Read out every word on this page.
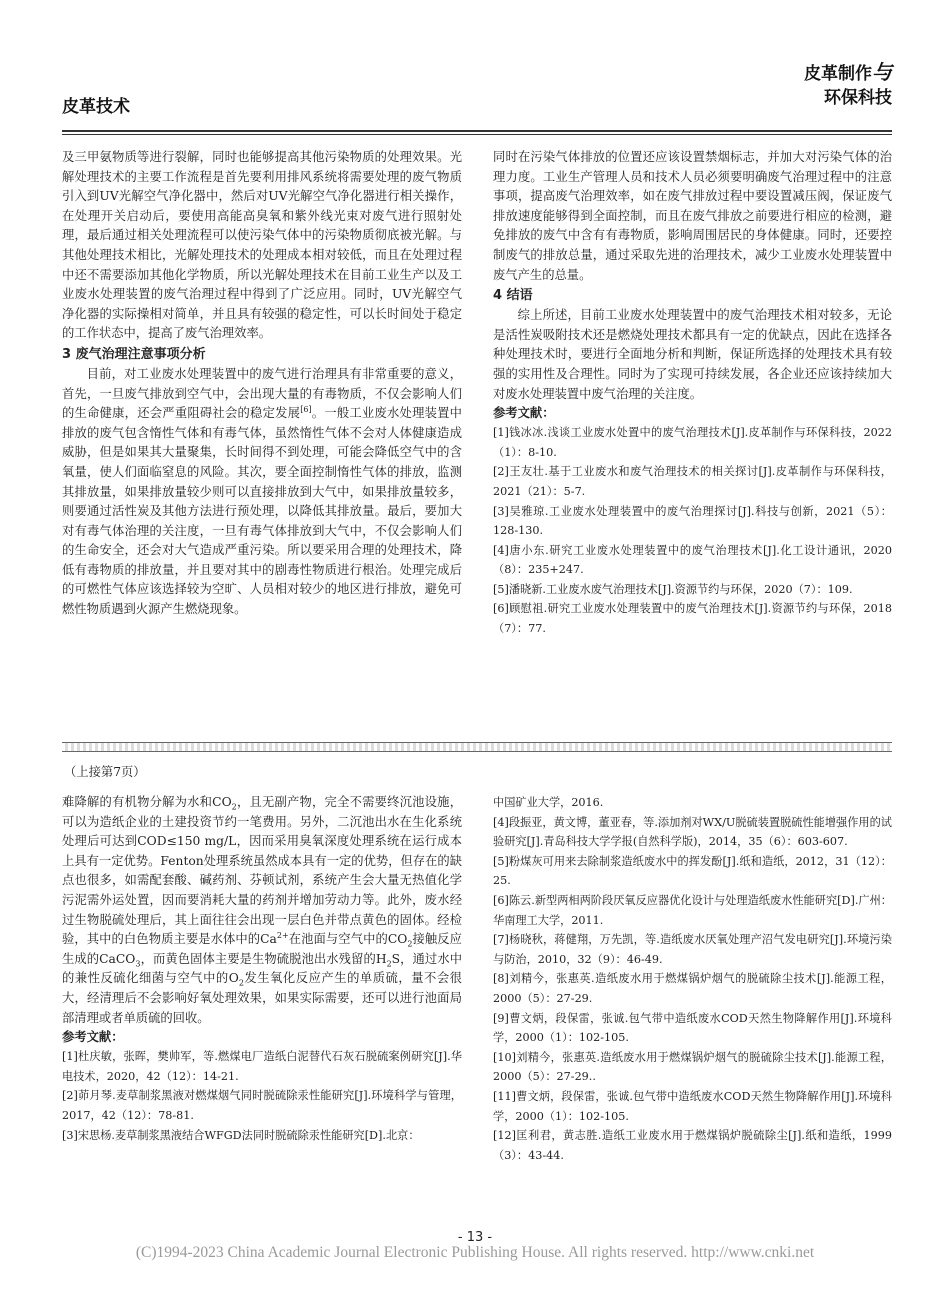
皮革技术
皮革制作与
环保科技

及三甲氨物质等进行裂解，同时也能够提高其他污染物质的处理效果。光解处理技术的主要工作流程是首先要利用排风系统将需要处理的废气物质引入到UV光解空气净化器中，然后对UV光解空气净化器进行相关操作，在处理开关启动后，要使用高能高臭氧和紫外线光束对废气进行照射处理，最后通过相关处理流程可以使污染气体中的污染物质彻底被光解。与其他处理技术相比，光解处理技术的处理成本相对较低，而且在处理过程中还不需要添加其他化学物质，所以光解处理技术在目前工业生产以及工业废水处理装置的废气治理过程中得到了广泛应用。同时，UV光解空气净化器的实际操相对简单，并且具有较强的稳定性，可以长时间处于稳定的工作状态中，提高了废气治理效率。

3 废气治理注意事项分析

目前，对工业废水处理装置中的废气进行治理具有非常重要的意义，首先，一旦废气排放到空气中，会出现大量的有毒物质，不仅会影响人们的生命健康，还会严重阻碍社会的稳定发展[6]。一般工业废水处理装置中排放的废气包含惰性气体和有毒气体，虽然惰性气体不会对人体健康造成威胁，但是如果其大量聚集，长时间得不到处理，可能会降低空气中的含氧量，使人们面临窒息的风险。其次，要全面控制惰性气体的排放，监测其排放量，如果排放量较少则可以直接排放到大气中，如果排放量较多，则要通过活性炭及其他方法进行预处理，以降低其排放量。最后，要加大对有毒气体治理的关注度，一旦有毒气体排放到大气中，不仅会影响人们的生命安全，还会对大气造成严重污染。所以要采用合理的处理技术，降低有毒物质的排放量，并且要对其中的剧毒性物质进行根治。处理完成后的可燃性气体应该选择较为空旷、人员相对较少的地区进行排放，避免可燃性物质遇到火源产生燃烧现象。

同时在污染气体排放的位置还应该设置禁烟标志，并加大对污染气体的治理力度。工业生产管理人员和技术人员必须要明确废气治理过程中的注意事项，提高废气治理效率，如在废气排放过程中要设置减压阀，保证废气排放速度能够得到全面控制，而且在废气排放之前要进行相应的检测，避免排放的废气中含有有毒物质，影响周围居民的身体健康。同时，还要控制废气的排放总量，通过采取先进的治理技术，减少工业废水处理装置中废气产生的总量。

4 结语

综上所述，目前工业废水处理装置中的废气治理技术相对较多，无论是活性炭吸附技术还是燃烧处理技术都具有一定的优缺点，因此在选择各种处理技术时，要进行全面地分析和判断，保证所选择的处理技术具有较强的实用性及合理性。同时为了实现可持续发展，各企业还应该持续加大对废水处理装置中废气治理的关注度。

参考文献：
[1]钱冰冰.浅谈工业废水处置中的废气治理技术[J].皮革制作与环保科技，2022（1）：8-10.
[2]王友壮.基于工业废水和废气治理技术的相关探讨[J].皮革制作与环保科技，2021（21）：5-7.
[3]吴雅琼.工业废水处理装置中的废气治理探讨[J].科技与创新，2021（5）：128-130.
[4]唐小东.研究工业废水处理装置中的废气治理技术[J].化工设计通讯，2020（8）：235+247.
[5]潘晓新.工业废水废气治理技术[J].资源节约与环保，2020（7）：109.
[6]顾慰祖.研究工业废水处理装置中的废气治理技术[J].资源节约与环保，2018（7）：77.
（上接第7页）

难降解的有机物分解为水和$CO_2$，且无副产物，完全不需要终沉池设施，可以为造纸企业的土建投资节约一笔费用。另外，二沉池出水在生化系统处理后可达到COD≤150 mg/L，因而采用臭氧深度处理系统在运行成本上具有一定优势。Fenton处理系统虽然成本具有一定的优势，但存在的缺点也很多，如需配套酸、碱药剂、芬顿试剂，系统产生会大量无热值化学污泥需外运处置，因而要消耗大量的药剂并增加劳动力等。此外，废水经过生物脱硫处理后，其上面往往会出现一层白色并带点黄色的固体。经检验，其中的白色物质主要是水体中的$Ca^{2+}$在池面与空气中的$CO_2$接触反应生成的CaCO$_3$，而黄色固体主要是生物硫脱池出水残留的$H_2S$，通过水中的兼性反硫化细菌与空气中的$O_2$发生氧化反应产生的单质硫，量不会很大，经清理后不会影响好氧处理效果，如果实际需要，还可以进行池面局部清理或者单质硫的回收。

参考文献：
[1]杜庆敏，张晖，樊帅军，等.燃煤电厂造纸白泥替代石灰石脱硫案例研究[J].华电技术，2020，42（12）：14-21.
[2]茆月琴.麦草制浆黑液对燃煤烟气同时脱硫除汞性能研究[J].环境科学与管理，2017，42（12）：78-81.
[3]宋思杨.麦草制浆黑液结合WFGD法同时脱硫除汞性能研究[D].北京：
中国矿业大学，2016.
[4]段振亚，黄文博，董亚春，等.添加剂对WX/U脱硫装置脱硫性能增强作用的试验研究[J].青岛科技大学学报(自然科学版)，2014，35（6）：603-607.
[5]粉煤灰可用来去除制浆造纸废水中的挥发酚[J].纸和造纸，2012，31（12）：25.
[6]陈云.新型两相两阶段厌氧反应器优化设计与处理造纸废水性能研究[D].广州：华南理工大学，2011.
[7]杨晓秋，蒋健翔，万先凯，等.造纸废水厌氧处理产沼气发电研究[J].环境污染与防治，2010，32（9）：46-49.
[8]刘精今，张惠英.造纸废水用于燃煤锅炉烟气的脱硫除尘技术[J].能源工程，2000（5）：27-29.
[9]曹文炳，段保雷，张诚.包气带中造纸废水COD天然生物降解作用[J].环境科学，2000（1）：102-105.
[10]刘精今，张惠英.造纸废水用于燃煤锅炉烟气的脱硫除尘技术[J].能源工程，2000（5）：27-29..
[11]曹文炳，段保雷，张诚.包气带中造纸废水COD天然生物降解作用[J].环境科学，2000（1）：102-105.
[12]匡利君，黄志胜.造纸工业废水用于燃煤锅炉脱硫除尘[J].纸和造纸，1999（3）：43-44.
- 13 -
(C)1994-2023 China Academic Journal Electronic Publishing House. All rights reserved. http://www.cnki.net
